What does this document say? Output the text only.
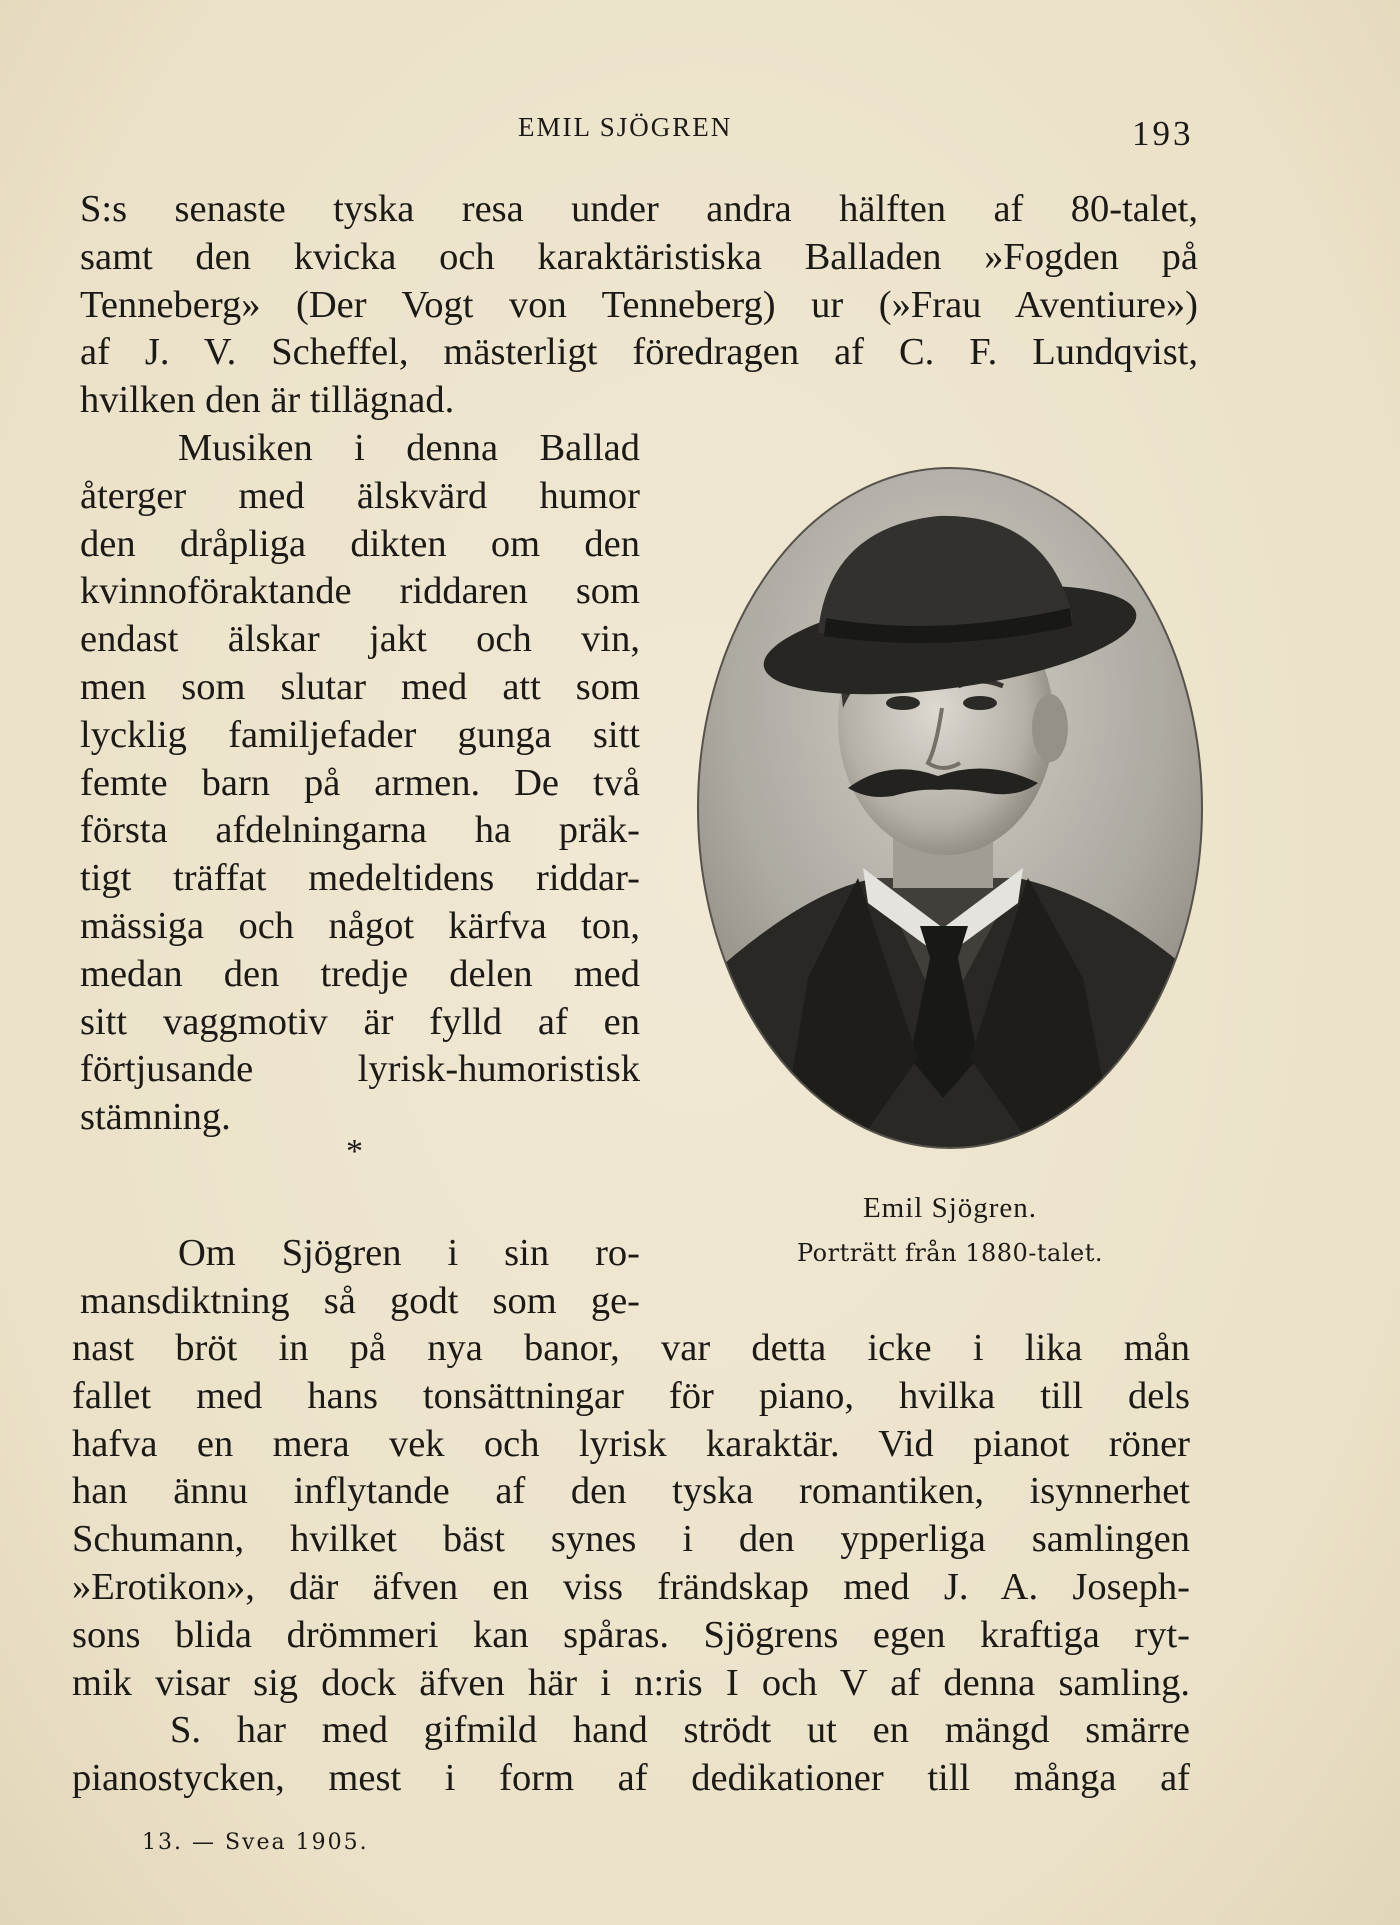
EMIL SJÖGREN	193

S:s senaste tyska resa under andra hälften af 80-talet,

samt den kvicka och karaktäristiska Balladen »Fogden på

Tenneberg» (Der Vogt von Tenneberg) ur (»Frau Aventiure»)

af J. V. Scheffel, mästerligt föredragen af C. F. Lundqvist,

hvilken den är tillägnad.

Musiken i denna Ballad

återger med älskvärd humor

den dråpliga dikten om den

kvinnoföraktande riddaren som

endast älskar jakt och vin,

men som slutar med att som

lycklig familjefader gunga sitt

femte barn på armen. De två

första afdelningarna ha präk-

tigt träffat medeltidens riddar-

mässiga och något kärfva ton,

medan den tredje delen med

sitt vaggmotiv är fylld af en

förtjusande lyrisk-humoristisk

stämning.

*

Om Sjögren i sin ro-

mansdiktning så godt som ge-

nast bröt in på nya banor, var detta icke i lika mån

fallet med hans tonsättningar för piano, hvilka till dels

hafva en mera vek och lyrisk karaktär. Vid pianot röner

han ännu inflytande af den tyska romantiken, isynnerhet

Schumann, hvilket bäst synes i den ypperliga samlingen

»Erotikon», där äfven en viss frändskap med J. A. Joseph-

sons blida drömmeri kan spåras. Sjögrens egen kraftiga ryt-

mik visar sig dock äfven här i n:ris I och V af denna samling.

S. har med gifmild hand strödt ut en mängd smärre

pianostycken, mest i form af dedikationer till många af

Emil Sjögren.
Porträtt från 1880-talet.
13. — Svea 1905.
